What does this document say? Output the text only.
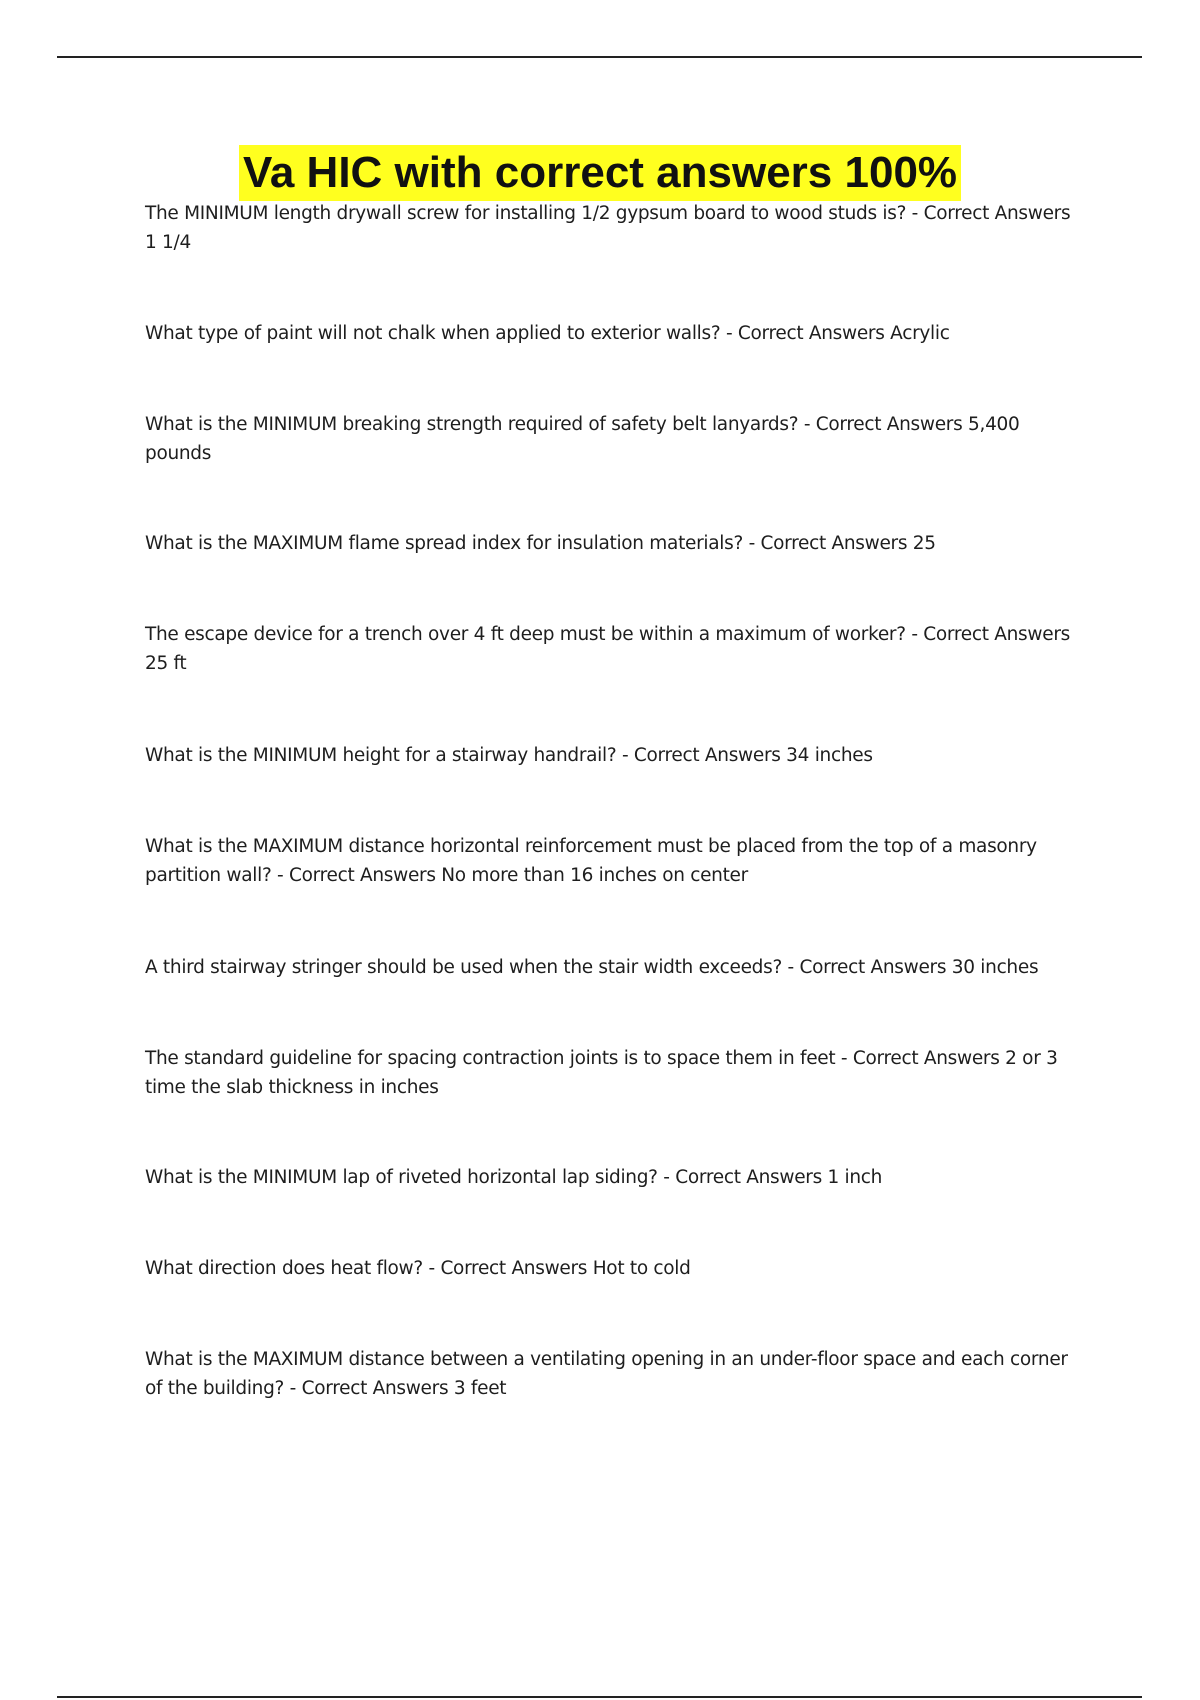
Va HIC with correct answers 100%
The MINIMUM length drywall screw for installing 1/2 gypsum board to wood studs is? - Correct Answers 1 1/4
What type of paint will not chalk when applied to exterior walls? - Correct Answers Acrylic
What is the MINIMUM breaking strength required of safety belt lanyards? - Correct Answers 5,400 pounds
What is the MAXIMUM flame spread index for insulation materials? - Correct Answers 25
The escape device for a trench over 4 ft deep must be within a maximum of worker? - Correct Answers 25 ft
What is the MINIMUM height for a stairway handrail? - Correct Answers 34 inches
What is the MAXIMUM distance horizontal reinforcement must be placed from the top of a masonry partition wall? - Correct Answers No more than 16 inches on center
A third stairway stringer should be used when the stair width exceeds? - Correct Answers 30 inches
The standard guideline for spacing contraction joints is to space them in feet - Correct Answers 2 or 3 time the slab thickness in inches
What is the MINIMUM lap of riveted horizontal lap siding? - Correct Answers 1 inch
What direction does heat flow? - Correct Answers Hot to cold
What is the MAXIMUM distance between a ventilating opening in an under-floor space and each corner of the building? - Correct Answers 3 feet
